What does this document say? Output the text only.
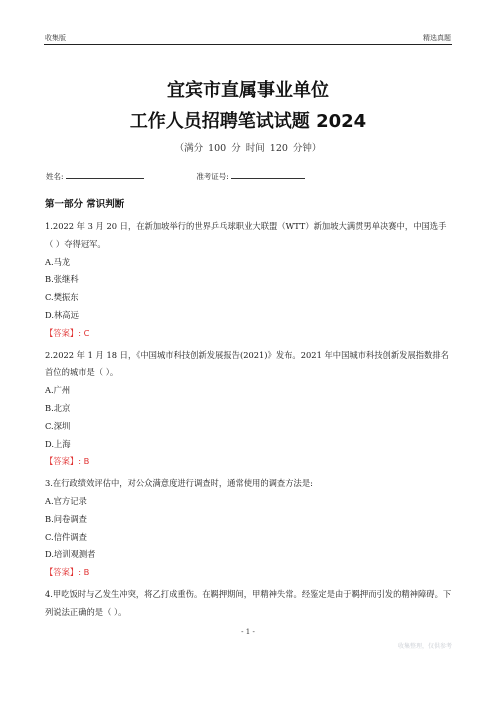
收集版	精选真题
宜宾市直属事业单位
工作人员招聘笔试试题 2024
（满分 100 分 时间 120 分钟）
姓名:	准考证号:
第一部分 常识判断

1.2022 年 3 月 20 日，在新加坡举行的世界乒乓球职业大联盟（WTT）新加坡大满贯男单决赛中，中国选手（ ）夺得冠军。

A.马龙

B.张继科

C.樊振东

D.林高远

【答案】: C

2.2022 年 1 月 18 日，《中国城市科技创新发展报告(2021)》发布。2021 年中国城市科技创新发展指数排名首位的城市是（ ）。

A.广州

B.北京

C.深圳

D.上海

【答案】: B

3.在行政绩效评估中，对公众满意度进行调查时，通常使用的调查方法是:

A.官方记录

B.问卷调查

C.信件调查

D.培训观测者

【答案】: B

4.甲吃饭时与乙发生冲突，将乙打成重伤。在羁押期间，甲精神失常。经鉴定是由于羁押而引发的精神障碍。下列说法正确的是（ ）。

- 1 -
收集整理，仅供参考
